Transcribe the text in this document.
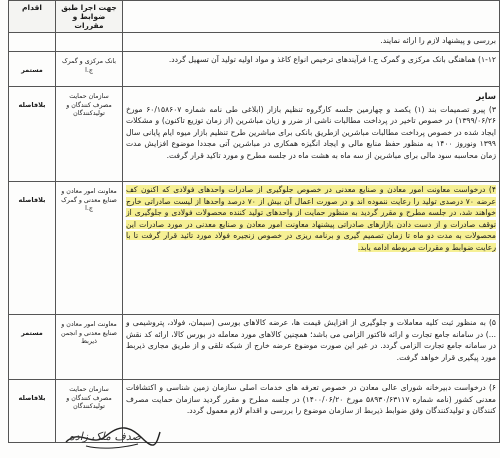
	جهت اجرا طبق ضوابط و مقررات	اقدام

بررسی و پیشنهاد لازم را ارائه نمایند.		

۱-۱۲) هماهنگی بانک مرکزی و گمرک ج.ا فرآیندهای ترخیص انواع کاغذ و مواد اولیه تولید آن تسهیل گردد.	بانک مرکزی و گمرک ج.ا	مستمر

سایر

۳) پیرو تصمیمات بند (۱) یکصد و چهارمین جلسه کارگروه تنظیم بازار (ابلاغی طی نامه شماره ۶۰/۱۵۸۶۰۷ مورخ ۱۳۹۹/۰۶/۲۶) در خصوص تاخیر در پرداخت مطالبات ناشی از ضرر و زیان مباشرین (از زمان توزیع تاکنون) و مشکلات ایجاد شده در خصوص پرداخت مطالبات مباشرین ازطریق بانکی برای مباشرین طرح تنظیم بازار میوه ایام پایانی سال ۱۳۹۹ ونوروز ۱۴۰۰ به منظور حفظ منابع مالی و ایجاد انگیزه همکاری در مباشرین آتی مجددا موضوع افزایش مدت زمان محاسبه سود مالی برای مباشرین از سه ماه به هشت ماه در جلسه مطرح و مورد تاکید قرار گرفت.	سازمان حمایت مصرف کنندگان و تولیدکنندگان	بلافاصله

۴) درخواست معاونت امور معادن و صنایع معدنی در خصوص جلوگیری از صادرات واحدهای فولادی که اکنون کف عرضه ۷۰ درصدی تولید را رعایت ننموده اند و در صورت اعمال آن بیش از ۷۰ درصد واحدها از لیست صادراتی خارج خواهند شد، در جلسه مطرح و مقرر گردید به منظور حمایت از واحدهای تولید کننده محصولات فولادی و جلوگیری از توقف صادرات و از دست دادن بازارهای صادراتی پیشنهاد معاونت امور معادن و صنایع معدنی در مورد صادرات این محصولات به مدت دو ماه تا زمان تصمیم گیری و برنامه ریزی در خصوص زنجیره فولاد مورد تائید قرار گرفت تا با رعایت ضوابط و مقررات مربوطه ادامه یابد.	معاونت امور معادن و صنایع معدنی و گمرک ج.ا	بلافاصله

۵) به منظور ثبت کلیه معاملات و جلوگیری از افزایش قیمت ها، عرضه کالاهای بورسی (سیمان، فولاد، پتروشیمی و ...) در سامانه جامع تجارت و ارائه فاکتور الزامی می باشد؛ همچنین کالاهای مورد معامله در بورس کالا، ارائه کد نقش در سامانه جامع تجارت الزامی گردد. در غیر این صورت موضوع عرضه خارج از شبکه تلقی و از طریق مجاری ذیربط مورد پیگیری قرار خواهد گرفت.	معاونت امور معادن و صنایع معدنی و انجمن ذیربط	مستمر

۶) درخواست دبیرخانه شورای عالی معادن در خصوص تعرفه های خدمات اصلی سازمان زمین شناسی و اکتشافات معدنی کشور (نامه شماره ۵۸۹۳۰/۶۳۱۱۷ مورخ ۱۴۰۰/۰۶/۲۰) در جلسه مطرح و مقرر گردید سازمان حمایت مصرف کنندگان و تولیدکنندگان وفق ضوابط ذیربط از سازمان موضوع را بررسی و اقدام لازم معمول گردد.	سازمان حمایت مصرف کنندگان و تولیدکنندگان	بلافاصله
صدف ملک زاده
